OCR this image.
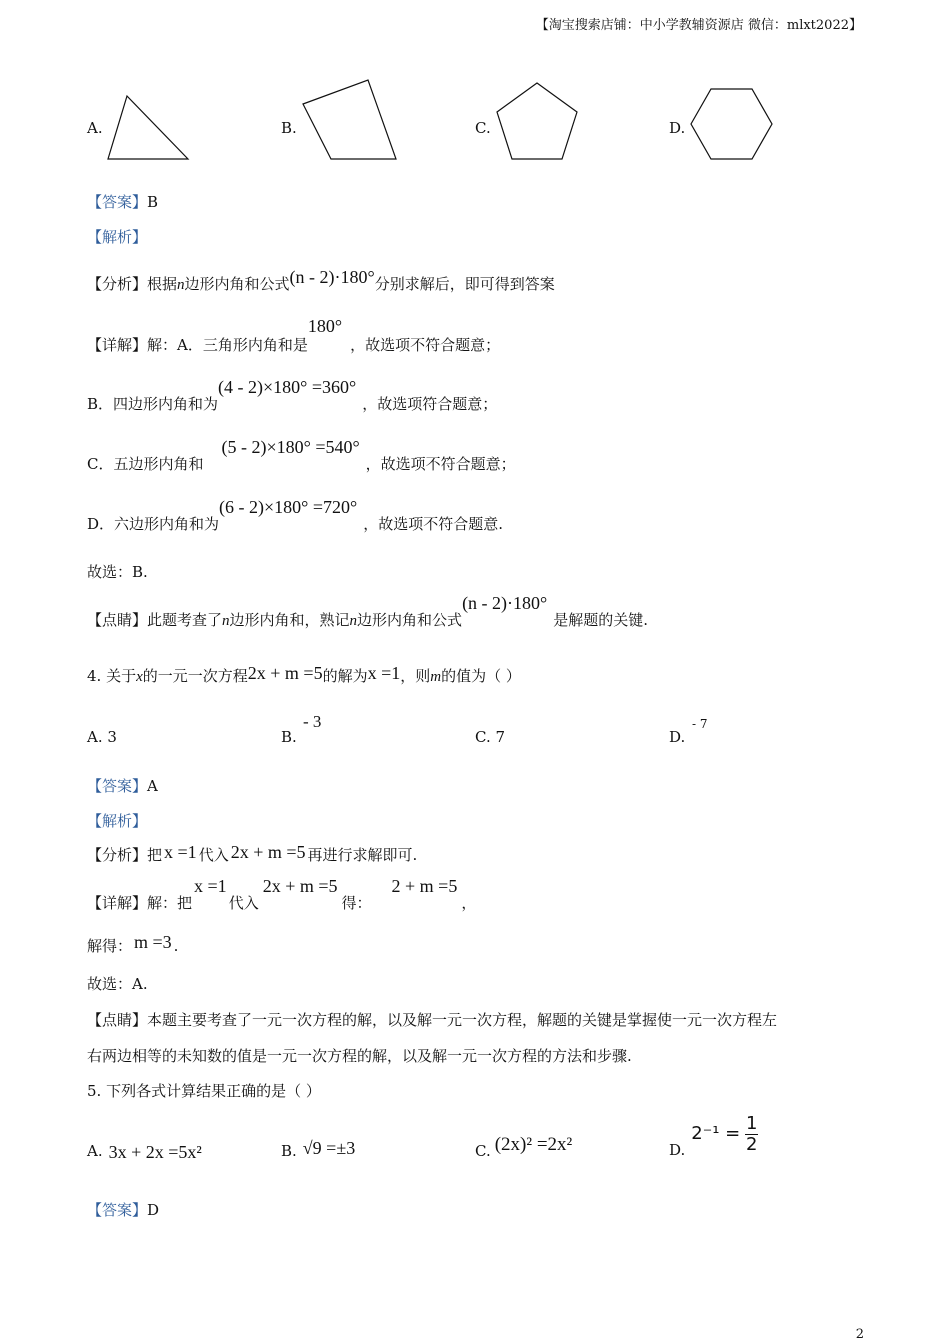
【淘宝搜索店铺：中小学教辅资源店 微信：mlxt2022】
A.	B.	C.	D.
【答案】B
【解析】
【分析】根据n边形内角和公式(n - 2)·180°分别求解后，即可得到答案
【详解】解：A．三角形内角和是180°，故选项不符合题意；
B．四边形内角和为(4 - 2)×180° =360°，故选项符合题意；
C．五边形内角和(5 - 2)×180° =540°，故选项不符合题意；
D．六边形内角和为(6 - 2)×180° =720°，故选项不符合题意.
故选：B.
【点睛】此题考查了n边形内角和，熟记n边形内角和公式(n - 2)·180°是解题的关键.
4. 关于x的一元一次方程2x + m =5的解为x =1，则m的值为（ ）
A. 3	B.
- 3
C. 7	D.
- 7
【答案】A
【解析】
【分析】把 x =1 代入 2x + m =5 再进行求解即可.
【详解】解：把x =1代入2x + m =5得：2 + m =5，
解得： m =3 .
故选：A.
【点睛】本题主要考查了一元一次方程的解，以及解一元一次方程，解题的关键是掌握使一元一次方程左
右两边相等的未知数的值是一元一次方程的解，以及解一元一次方程的方法和步骤.
5. 下列各式计算结果正确的是（ ）
A. 3x + 2x =5x²	B. √9 =±3	C. (2x)² =2x²	$D.2^{-1} = \frac{1}{2}$
【答案】D
2
